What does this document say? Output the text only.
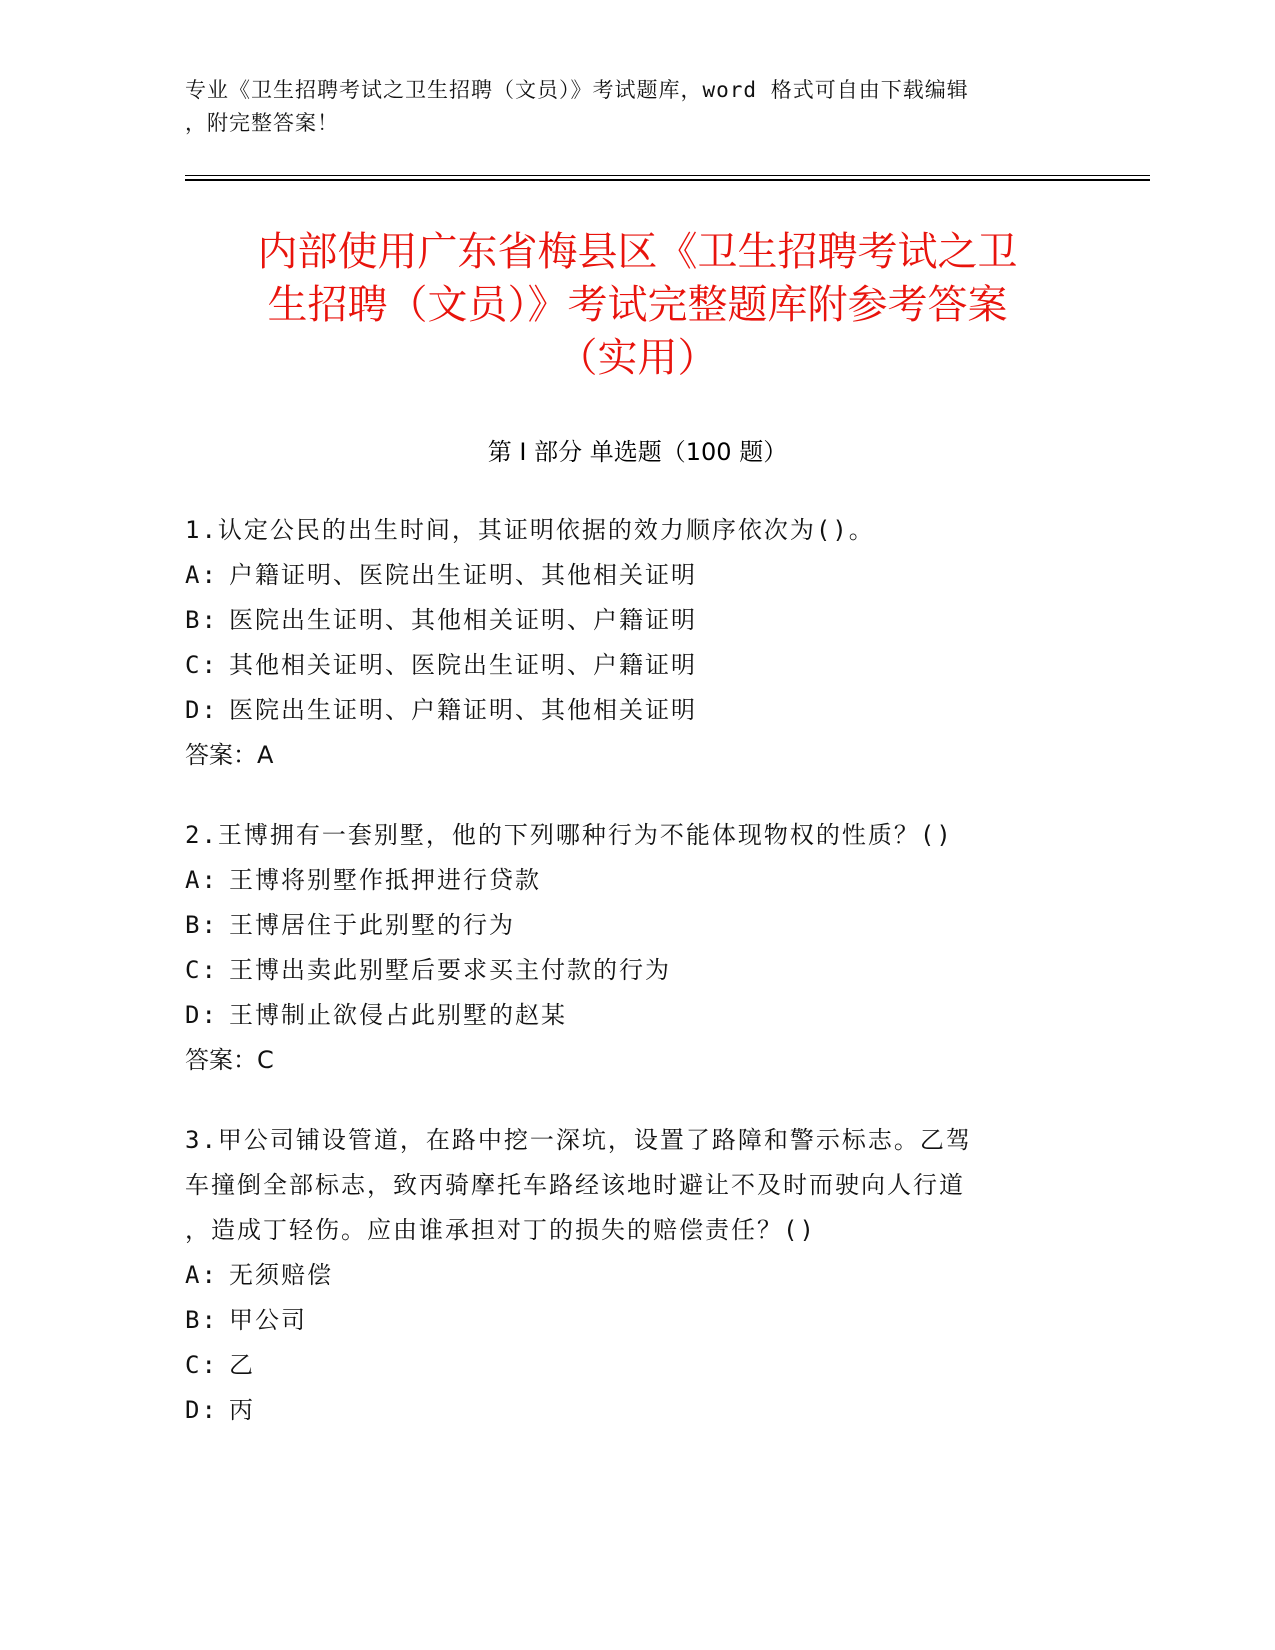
专业《卫生招聘考试之卫生招聘（文员）》考试题库，word 格式可自由下载编辑
，附完整答案！
内部使用广东省梅县区《卫生招聘考试之卫
生招聘（文员）》考试完整题库附参考答案
（实用）
第 I 部分 单选题（100 题）
1.认定公民的出生时间，其证明依据的效力顺序依次为()。
A: 户籍证明、医院出生证明、其他相关证明
B: 医院出生证明、其他相关证明、户籍证明
C: 其他相关证明、医院出生证明、户籍证明
D: 医院出生证明、户籍证明、其他相关证明
答案：A
2.王博拥有一套别墅，他的下列哪种行为不能体现物权的性质？()
A: 王博将别墅作抵押进行贷款
B: 王博居住于此别墅的行为
C: 王博出卖此别墅后要求买主付款的行为
D: 王博制止欲侵占此别墅的赵某
答案：C
3.甲公司铺设管道，在路中挖一深坑，设置了路障和警示标志。乙驾
车撞倒全部标志，致丙骑摩托车路经该地时避让不及时而驶向人行道
，造成丁轻伤。应由谁承担对丁的损失的赔偿责任？()
A: 无须赔偿
B: 甲公司
C: 乙
D: 丙
